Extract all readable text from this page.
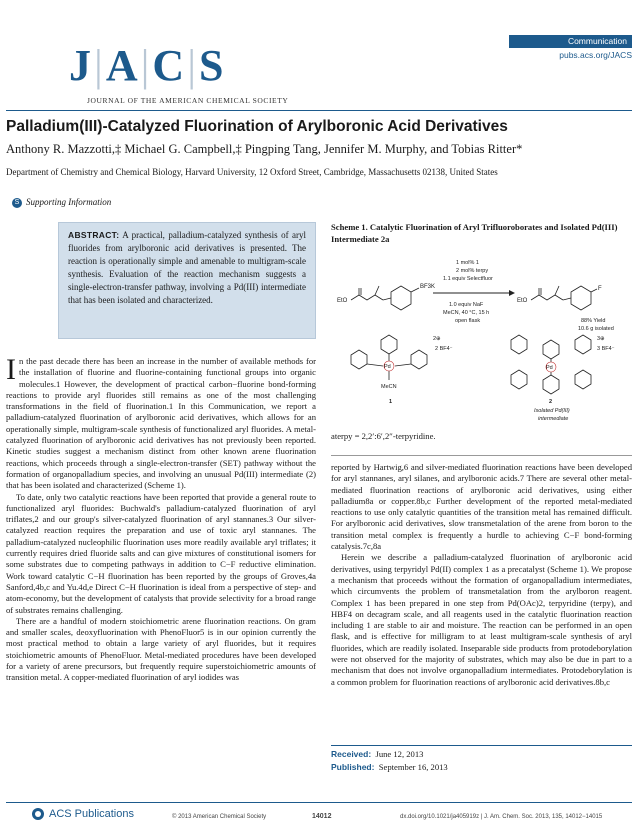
J|A|C|S
JOURNAL OF THE AMERICAN CHEMICAL SOCIETY
Communication
pubs.acs.org/JACS
Palladium(III)-Catalyzed Fluorination of Arylboronic Acid Derivatives
Anthony R. Mazzotti,‡ Michael G. Campbell,‡ Pingping Tang, Jennifer M. Murphy, and Tobias Ritter*
Department of Chemistry and Chemical Biology, Harvard University, 12 Oxford Street, Cambridge, Massachusetts 02138, United States
S Supporting Information
ABSTRACT: A practical, palladium-catalyzed synthesis of aryl fluorides from arylboronic acid derivatives is presented. The reaction is operationally simple and amenable to multigram-scale synthesis. Evaluation of the reaction mechanism suggests a single-electron-transfer pathway, involving a Pd(III) intermediate that has been isolated and characterized.

In the past decade there has been an increase in the number of available methods for the installation of fluorine and fluorine-containing functional groups into organic molecules.1 However, the development of practical carbon−fluorine bond-forming reactions to provide aryl fluorides still remains as one of the most challenging transformations in the field of fluorination.1 In this Communication, we report a palladium-catalyzed fluorination of arylboronic acid derivatives, which allows for an operationally simple, multigram-scale synthesis of functionalized aryl fluorides. A metal-catalyzed fluorination of arylboronic acid derivatives has not previously been reported. Kinetic studies suggest a mechanism distinct from other known arene fluorination reactions, which proceeds through a single-electron-transfer (SET) pathway without the formation of organopalladium species, and involving an unusual Pd(III) intermediate (2) that has been isolated and characterized (Scheme 1).

To date, only two catalytic reactions have been reported that provide a general route to functionalized aryl fluorides: Buchwald's palladium-catalyzed fluorination of aryl triflates,2 and our group's silver-catalyzed fluorination of aryl stannanes.3 Our silver-catalyzed reaction requires the preparation and use of toxic aryl stannanes. The palladium-catalyzed nucleophilic fluorination uses more readily available aryl triflates; it currently requires dried fluoride salts and can give mixtures of constitutional isomers for some substrates due to competing pathways in addition to C−F reductive elimination. Work toward catalytic C−H fluorination has been reported by the groups of Groves,4a Sanford,4b,c and Yu.4d,e Direct C−H fluorination is ideal from a perspective of step- and atom-economy, but the development of catalysts that provide selectivity for a broad range of substrates remains challenging.

There are a handful of modern stoichiometric arene fluorination reactions. On gram and smaller scales, deoxyfluorination with PhenoFluor5 is in our opinion currently the most practical method to obtain a large variety of aryl fluorides, but it requires stoichiometric amounts of PhenoFluor. Metal-mediated procedures have been developed for a variety of arene precursors, but frequently require superstoichiometric amounts of transition metal. A copper-mediated fluorination of aryl iodides was

Scheme 1. Catalytic Fluorination of Aryl Trifluoroborates and Isolated Pd(III) Intermediate 2a
EtO
BF3K
1 mol% 1
2 mol% terpy
1.1 equiv Selectfluor
1.0 equiv NaF
MeCN, 40 °C, 15 h
open flask
EtO
F
88% Yield
10.6 g isolated
Pd
MeCN
1
2⊕
2 BF4⁻
Pd
3⊕
3 BF4⁻
2
Isolated Pd(III)
intermediate
aterpy = 2,2′:6′,2″-terpyridine.

reported by Hartwig,6 and silver-mediated fluorination reactions have been developed for aryl stannanes, aryl silanes, and arylboronic acids.7 There are several other metal-mediated fluorination reactions of arylboronic acid derivatives, using either palladium8a or copper.8b,c Further development of the reported metal-mediated reactions to use only catalytic quantities of the transition metal has remained difficult. For arylboronic acid derivatives, slow transmetalation of the arene from boron to the transition metal complex is frequently a hurdle to achieving C−F bond-forming catalysis.7c,8a

Herein we describe a palladium-catalyzed fluorination of arylboronic acid derivatives, using terpyridyl Pd(II) complex 1 as a precatalyst (Scheme 1). We propose a mechanism that proceeds without the formation of organopalladium intermediates, which circumvents the problem of transmetalation from the arylboron reagent. Complex 1 has been prepared in one step from Pd(OAc)2, terpyridine (terpy), and HBF4 on decagram scale, and all reagents used in the catalytic fluorination reaction including 1 are stable to air and moisture. The reaction can be performed in an open flask, and is effective for milligram to at least multigram-scale synthesis of aryl fluorides, which are readily isolated. Inseparable side products from protodeborylation were not observed for the majority of substrates, which may also be due in part to a mechanism that does not involve organopalladium intermediates. Protodeborylation is a common problem for fluorination reactions of arylboronic acid derivatives.8b,c

Received: June 12, 2013
Published: September 16, 2013
ACS Publications	© 2013 American Chemical Society	14012	dx.doi.org/10.1021/ja405919z | J. Am. Chem. Soc. 2013, 135, 14012−14015
